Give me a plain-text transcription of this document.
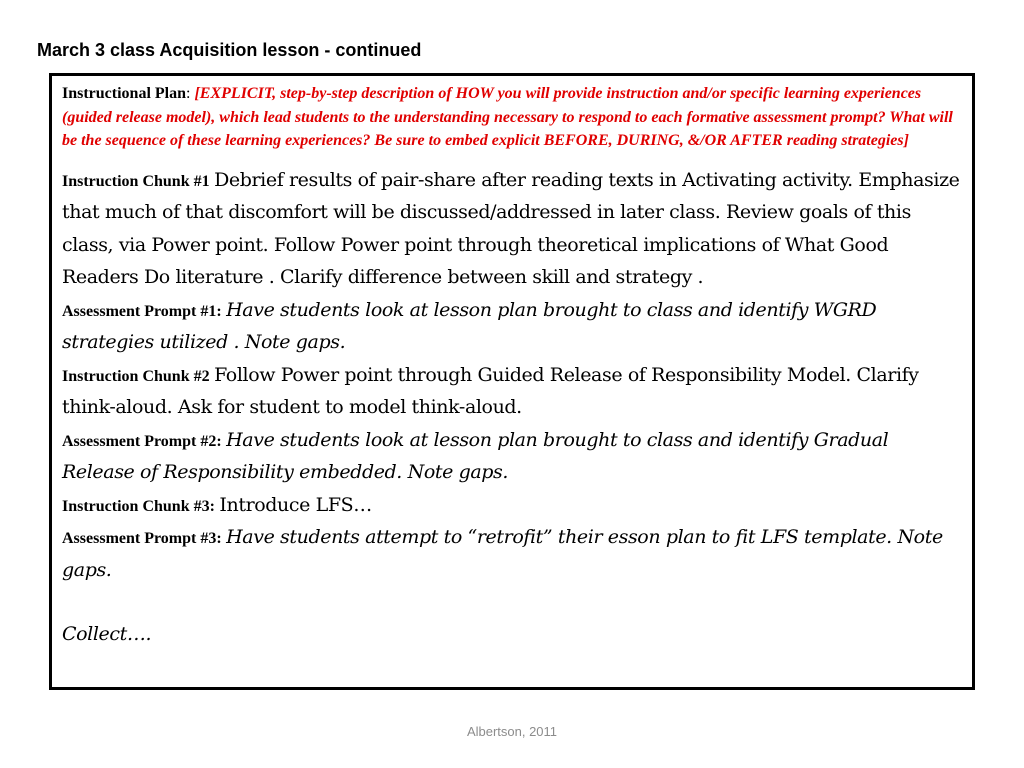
March 3 class Acquisition lesson - continued

Instructional Plan: [EXPLICIT, step-by-step description of HOW you will provide instruction and/or specific learning experiences (guided release model), which lead students to the understanding necessary to respond to each formative assessment prompt? What will be the sequence of these learning experiences? Be sure to embed explicit BEFORE, DURING, &/OR AFTER reading strategies]

Instruction Chunk #1 Debrief results of pair-share after reading texts in Activating activity. Emphasize that much of that discomfort will be discussed/addressed in later class. Review goals of this class, via Power point. Follow Power point through theoretical implications of What Good Readers Do literature . Clarify difference between skill and strategy .

Assessment Prompt #1: Have students look at lesson plan brought to class and identify WGRD strategies utilized . Note gaps.

Instruction Chunk #2 Follow Power point through Guided Release of Responsibility Model. Clarify think-aloud. Ask for student to model think-aloud.

Assessment Prompt #2: Have students look at lesson plan brought to class and identify Gradual Release of Responsibility embedded. Note gaps.

Instruction Chunk #3: Introduce LFS…

Assessment Prompt #3: Have students attempt to “retrofit” their esson plan to fit LFS template. Note gaps.

Collect….

Albertson, 2011
